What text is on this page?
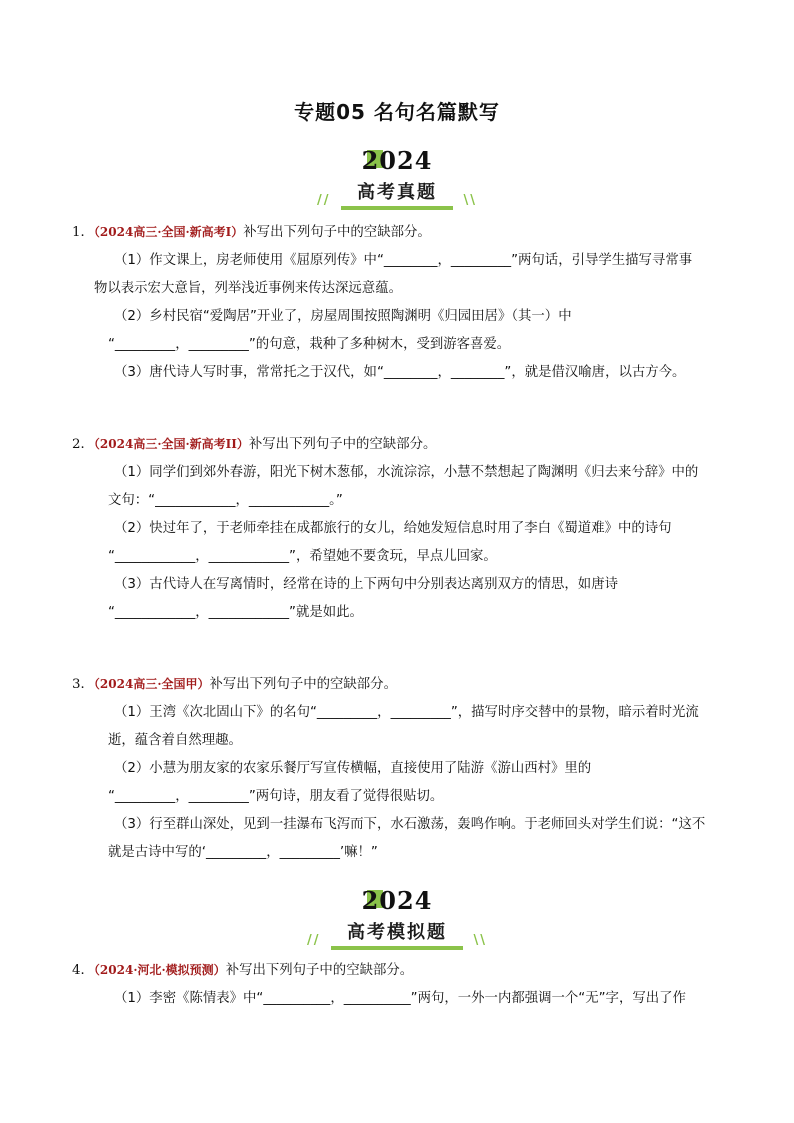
专题05 名句名篇默写
2024
// 高考真题 \\

1．（2024高三·全国·新高考I）补写出下列句子中的空缺部分。

（1）作文课上，房老师使用《屈原列传》中“________，_________”两句话，引导学生描写寻常事

物以表示宏大意旨，列举浅近事例来传达深远意蕴。

（2）乡村民宿“爱陶居”开业了，房屋周围按照陶渊明《归园田居》（其一）中

“_________，_________”的句意，栽种了多种树木，受到游客喜爱。

（3）唐代诗人写时事，常常托之于汉代，如“________，________”，就是借汉喻唐，以古方今。

2．（2024高三·全国·新高考II）补写出下列句子中的空缺部分。

（1）同学们到郊外春游，阳光下树木葱郁，水流淙淙，小慧不禁想起了陶渊明《归去来兮辞》中的

文句：“____________，____________。”

（2）快过年了，于老师牵挂在成都旅行的女儿，给她发短信息时用了李白《蜀道难》中的诗句

“____________，____________”，希望她不要贪玩，早点儿回家。

（3）古代诗人在写离情时，经常在诗的上下两句中分别表达离别双方的情思，如唐诗

“____________，____________”就是如此。

3．（2024高三·全国甲）补写出下列句子中的空缺部分。

（1）王湾《次北固山下》的名句“_________，_________”，描写时序交替中的景物，暗示着时光流

逝，蕴含着自然理趣。

（2）小慧为朋友家的农家乐餐厅写宣传横幅，直接使用了陆游《游山西村》里的

“_________，_________”两句诗，朋友看了觉得很贴切。

（3）行至群山深处，见到一挂瀑布飞泻而下，水石激荡，轰鸣作响。于老师回头对学生们说：“这不

就是古诗中写的‘_________，_________’嘛！”

2024
// 高考模拟题 \\

4．（2024·河北·模拟预测）补写出下列句子中的空缺部分。

（1）李密《陈情表》中“__________，__________”两句，一外一内都强调一个“无”字，写出了作
